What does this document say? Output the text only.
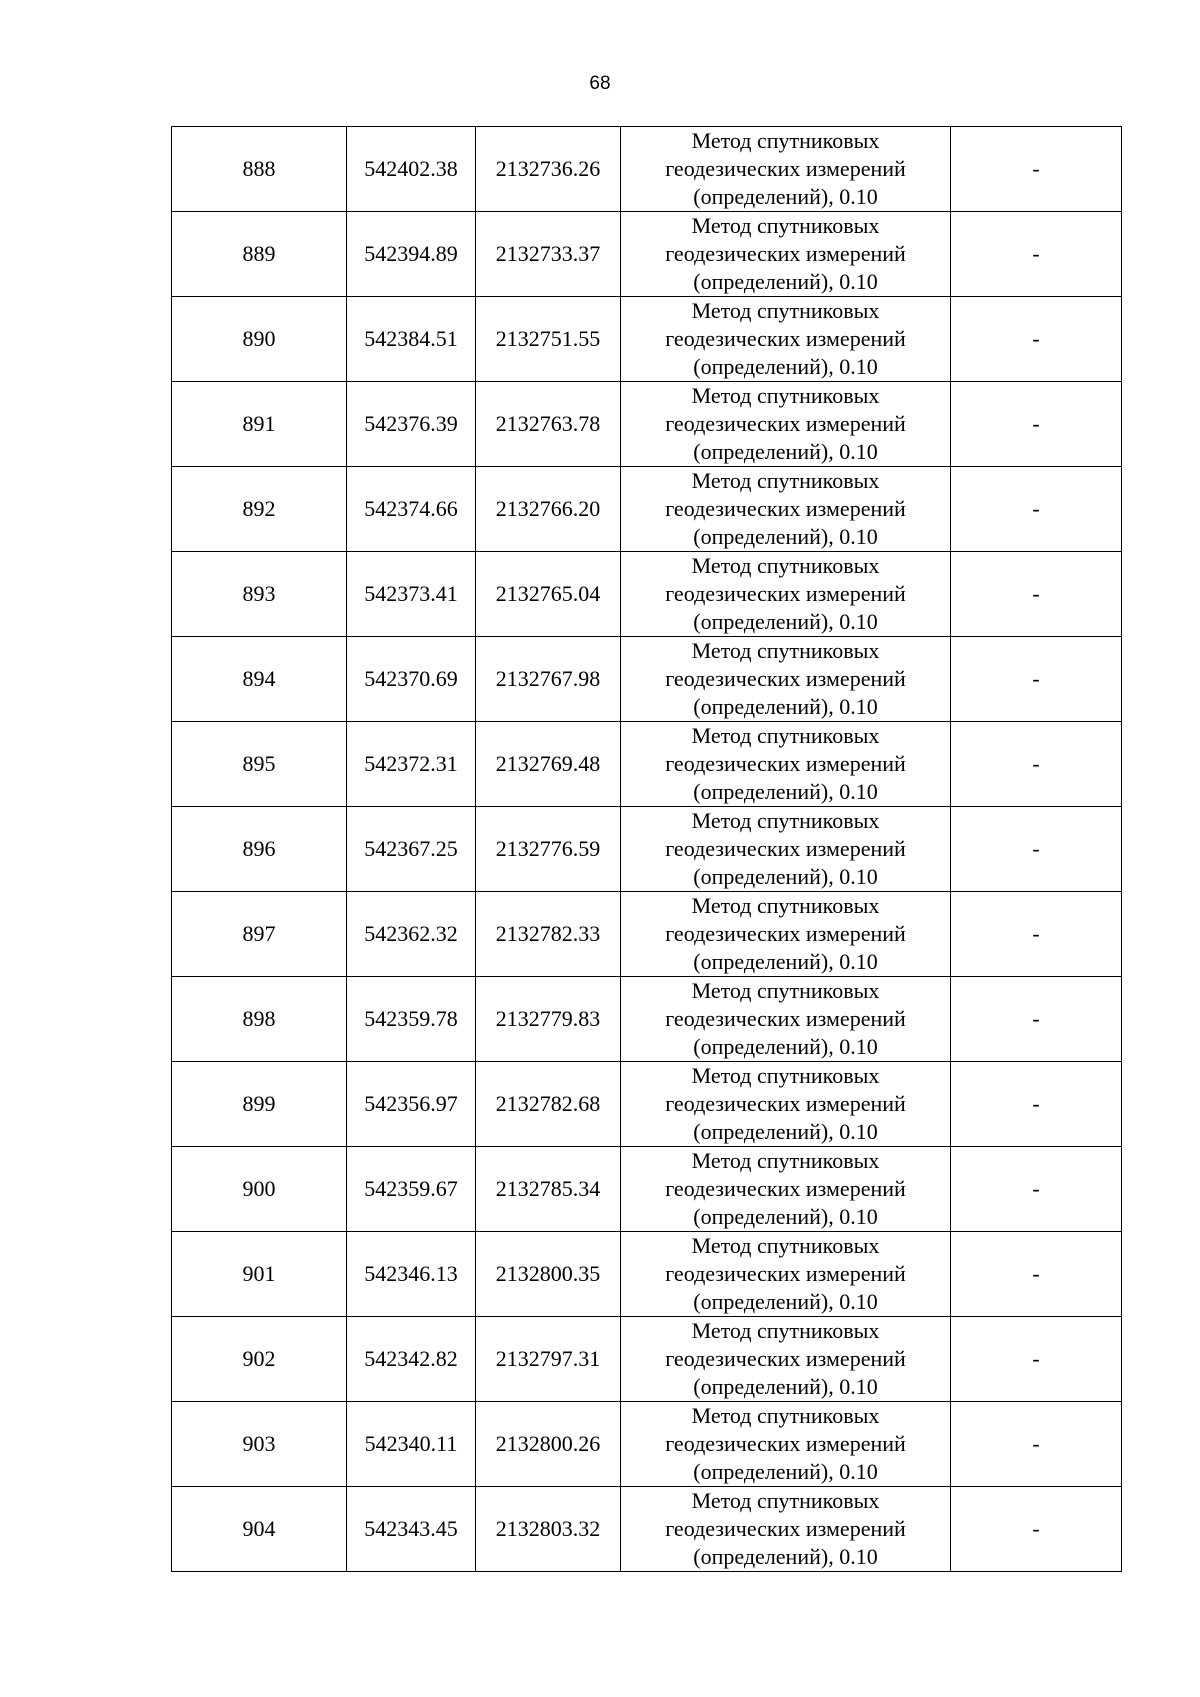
68
888	542402.38	2132736.26	Метод спутниковых
геодезических измерений
(определений), 0.10	-
889	542394.89	2132733.37	Метод спутниковых
геодезических измерений
(определений), 0.10	-
890	542384.51	2132751.55	Метод спутниковых
геодезических измерений
(определений), 0.10	-
891	542376.39	2132763.78	Метод спутниковых
геодезических измерений
(определений), 0.10	-
892	542374.66	2132766.20	Метод спутниковых
геодезических измерений
(определений), 0.10	-
893	542373.41	2132765.04	Метод спутниковых
геодезических измерений
(определений), 0.10	-
894	542370.69	2132767.98	Метод спутниковых
геодезических измерений
(определений), 0.10	-
895	542372.31	2132769.48	Метод спутниковых
геодезических измерений
(определений), 0.10	-
896	542367.25	2132776.59	Метод спутниковых
геодезических измерений
(определений), 0.10	-
897	542362.32	2132782.33	Метод спутниковых
геодезических измерений
(определений), 0.10	-
898	542359.78	2132779.83	Метод спутниковых
геодезических измерений
(определений), 0.10	-
899	542356.97	2132782.68	Метод спутниковых
геодезических измерений
(определений), 0.10	-
900	542359.67	2132785.34	Метод спутниковых
геодезических измерений
(определений), 0.10	-
901	542346.13	2132800.35	Метод спутниковых
геодезических измерений
(определений), 0.10	-
902	542342.82	2132797.31	Метод спутниковых
геодезических измерений
(определений), 0.10	-
903	542340.11	2132800.26	Метод спутниковых
геодезических измерений
(определений), 0.10	-
904	542343.45	2132803.32	Метод спутниковых
геодезических измерений
(определений), 0.10	-
